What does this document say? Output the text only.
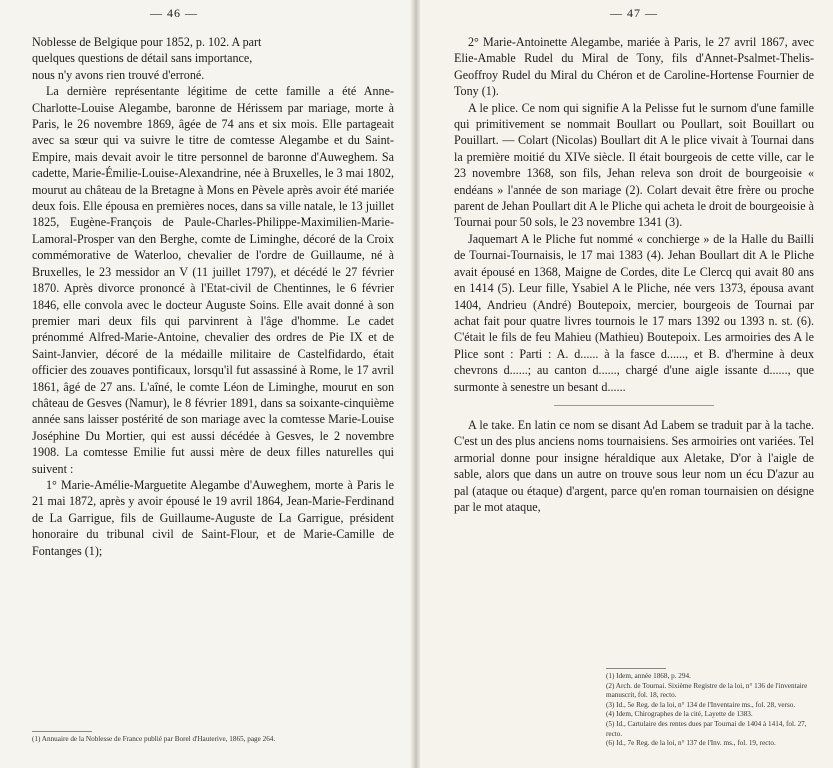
— 46 —

Noblesse de Belgique pour 1852, p. 102. A part

quelques questions de détail sans importance,

nous n'y avons rien trouvé d'erroné.

La dernière représentante légitime de cette famille a été Anne-Charlotte-Louise Alegambe, baronne de Hérissem par mariage, morte à Paris, le 26 novembre 1869, âgée de 74 ans et six mois. Elle partageait avec sa sœur qui va suivre le titre de comtesse Alegambe et du Saint-Empire, mais devait avoir le titre personnel de baronne d'Auweghem. Sa cadette, Marie-Émilie-Louise-Alexandrine, née à Bruxelles, le 3 mai 1802, mourut au château de la Bretagne à Mons en Pèvele après avoir été mariée deux fois. Elle épousa en premières noces, dans sa ville natale, le 13 juillet 1825, Eugène-François de Paule-Charles-Philippe-Maximilien-Marie-Lamoral-Prosper van den Berghe, comte de Liminghe, décoré de la Croix commémorative de Waterloo, chevalier de l'ordre de Guillaume, né à Bruxelles, le 23 messidor an V (11 juillet 1797), et décédé le 27 février 1870. Après divorce prononcé à l'Etat-civil de Chentinnes, le 6 février 1846, elle convola avec le docteur Auguste Soins. Elle avait donné à son premier mari deux fils qui parvinrent à l'âge d'homme. Le cadet prénommé Alfred-Marie-Antoine, chevalier des ordres de Pie IX et de Saint-Janvier, décoré de la médaille militaire de Castelfidardo, était officier des zouaves pontificaux, lorsqu'il fut assassiné à Rome, le 17 avril 1861, âgé de 27 ans. L'aîné, le comte Léon de Liminghe, mourut en son château de Gesves (Namur), le 8 février 1891, dans sa soixante-cinquième année sans laisser postérité de son mariage avec la comtesse Marie-Louise Joséphine Du Mortier, qui est aussi décédée à Gesves, le 2 novembre 1908. La comtesse Emilie fut aussi mère de deux filles naturelles qui suivent :

1° Marie-Amélie-Marguetite Alegambe d'Auweghem, morte à Paris le 21 mai 1872, après y avoir épousé le 19 avril 1864, Jean-Marie-Ferdinand de La Garrigue, fils de Guillaume-Auguste de La Garrigue, président honoraire du tribunal civil de Saint-Flour, et de Marie-Camille de Fontanges (1);

(1) Annuaire de la Noblesse de France publié par Borel d'Hauterive, 1865, page 264.
— 47 —

2° Marie-Antoinette Alegambe, mariée à Paris, le 27 avril 1867, avec Elie-Amable Rudel du Miral de Tony, fils d'Annet-Psalmet-Thelis-Geoffroy Rudel du Miral du Chéron et de Caroline-Hortense Fournier de Tony (1).

A le plice. Ce nom qui signifie A la Pelisse fut le surnom d'une famille qui primitivement se nommait Boullart ou Poullart, soit Bouillart ou Pouillart. — Colart (Nicolas) Boullart dit A le plice vivait à Tournai dans la première moitié du XIVe siècle. Il était bourgeois de cette ville, car le 23 novembre 1368, son fils, Jehan releva son droit de bourgeoisie « endéans » l'année de son mariage (2). Colart devait être frère ou proche parent de Jehan Poullart dit A le Pliche qui acheta le droit de bourgeoisie à Tournai pour 50 sols, le 23 novembre 1341 (3).

Jaquemart A le Pliche fut nommé « conchierge » de la Halle du Bailli de Tournai-Tournaisis, le 17 mai 1383 (4). Jehan Boullart dit A le Pliche avait épousé en 1368, Maigne de Cordes, dite Le Clercq qui avait 80 ans en 1414 (5). Leur fille, Ysabiel A le Pliche, née vers 1373, épousa avant 1404, Andrieu (André) Boutepoix, mercier, bourgeois de Tournai par achat fait pour quatre livres tournois le 17 mars 1392 ou 1393 n. st. (6). C'était le fils de feu Mahieu (Mathieu) Boutepoix. Les armoiries des A le Plice sont : Parti : A. d...... à la fasce d......, et B. d'hermine à deux chevrons d......; au canton d......, chargé d'une aigle issante d......, que surmonte à senestre un besant d......

A le take. En latin ce nom se disant Ad Labem se traduit par à la tache. C'est un des plus anciens noms tournaisiens. Ses armoiries ont variées. Tel armorial donne pour insigne héraldique aux Aletake, D'or à l'aigle de sable, alors que dans un autre on trouve sous leur nom un écu D'azur au pal (ataque ou étaque) d'argent, parce qu'en roman tournaisien on désigne par le mot ataque,

(1) Idem, année 1868, p. 294.
(2) Arch. de Tournai. Sixième Registre de la loi, n° 136 de l'inventaire manuscrit, fol. 18, recto.
(3) Id., 5e Reg. de la loi, n° 134 de l'Inventaire ms., fol. 28, verso.
(4) Idem, Chirographes de la cité, Layette de 1383.
(5) Id., Cartulaire des rentes dues par Tournai de 1404 à 1414, fol. 27, recto.
(6) Id., 7e Reg. de la loi, n° 137 de l'Inv. ms., fol. 19, recto.
